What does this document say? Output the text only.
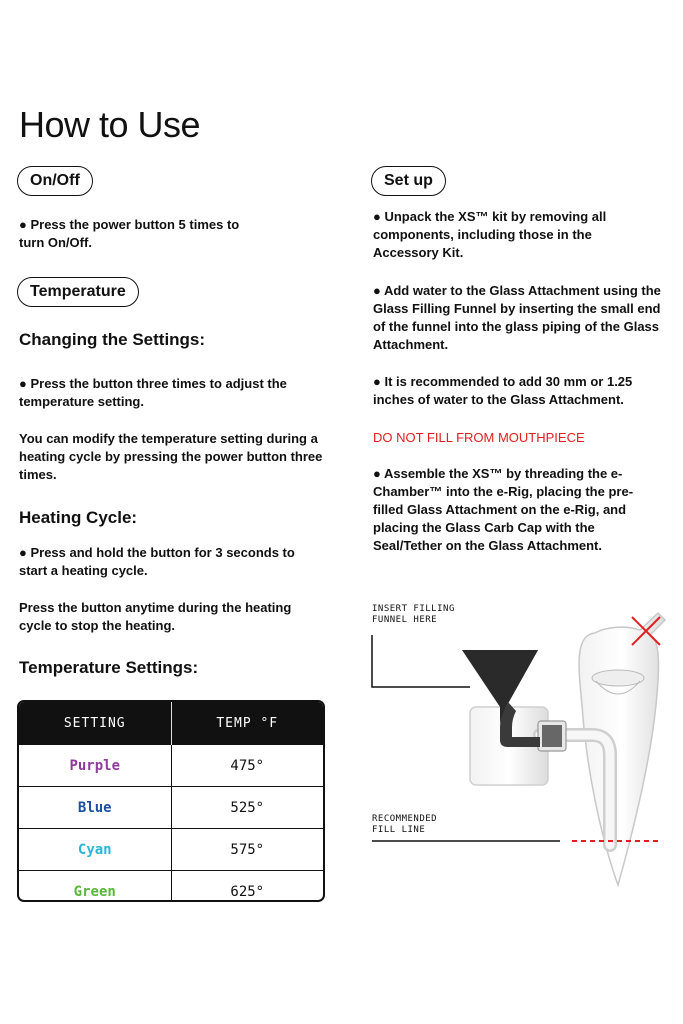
How to Use
On/Off

● Press the power button 5 times to turn On/Off.

Temperature
Changing the Settings:

● Press the button three times to adjust the temperature setting.

You can modify the temperature setting during a heating cycle by pressing the power button three times.

Heating Cycle:

● Press and hold the button for 3 seconds to start a heating cycle.

Press the button anytime during the heating cycle to stop the heating.

Temperature Settings:
SETTING	TEMP °F
Purple	475°
Blue	525°
Cyan	575°
Green	625°
Set up

● Unpack the XS™ kit by removing all components, including those in the Accessory Kit.

● Add water to the Glass Attachment using the Glass Filling Funnel by inserting the small end of the funnel into the glass piping of the Glass Attachment.

● It is recommended to add 30 mm or 1.25 inches of water to the Glass Attachment.

DO NOT FILL FROM MOUTHPIECE

● Assemble the XS™ by threading the e-Chamber™ into the e-Rig, placing the pre-filled Glass Attachment on the e-Rig, and placing the Glass Carb Cap with the Seal/Tether on the Glass Attachment.

INSERT FILLING
FUNNEL HERE
RECOMMENDED
FILL LINE
